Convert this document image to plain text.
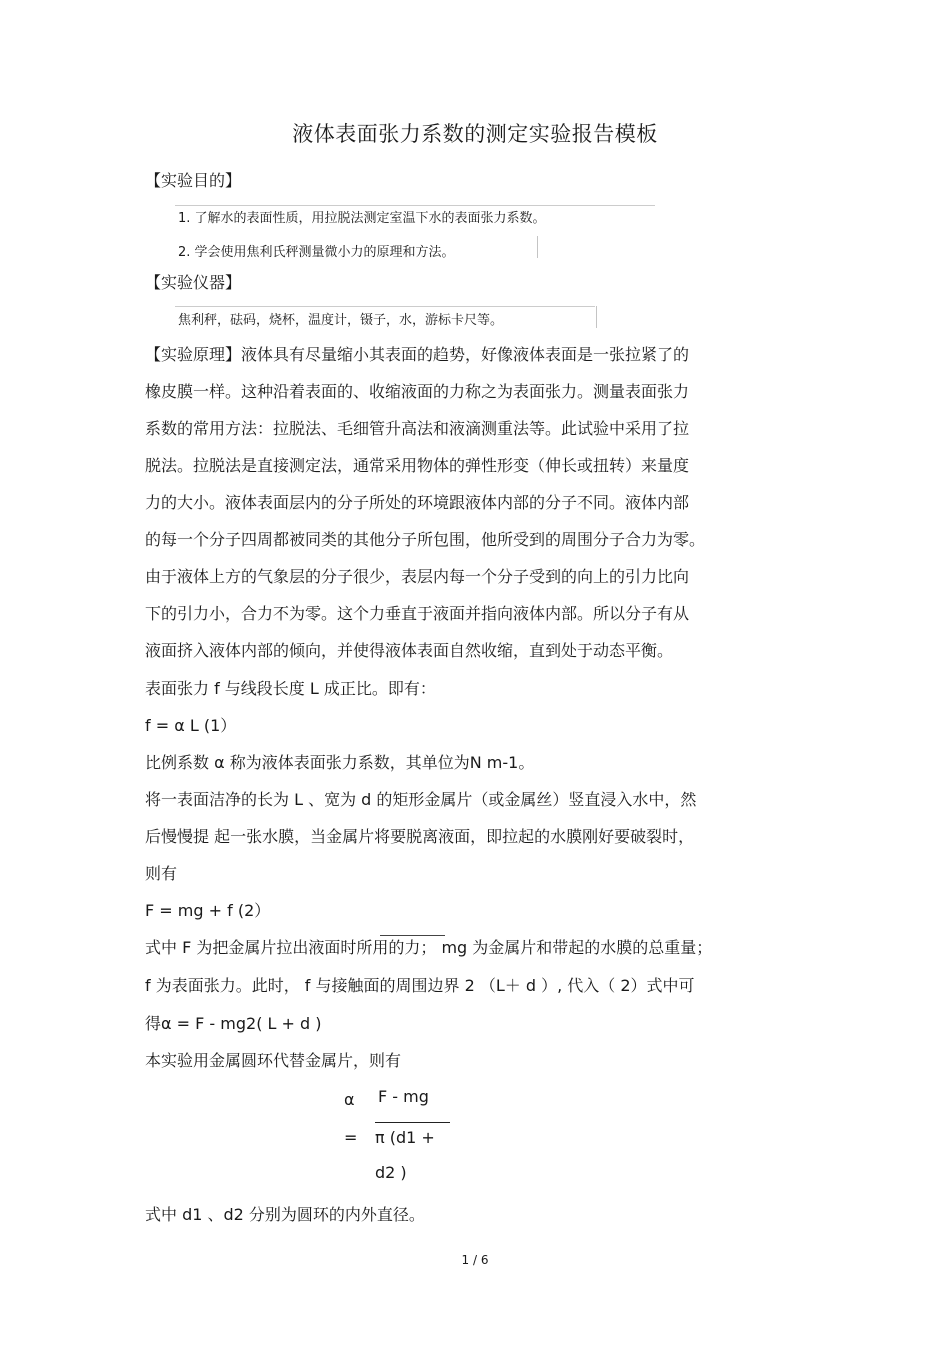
液体表面张力系数的测定实验报告模板
【实验目的】
1. 了解水的表面性质，用拉脱法测定室温下水的表面张力系数。
2. 学会使用焦利氏秤测量微小力的原理和方法。
【实验仪器】
焦利秤，砝码，烧杯，温度计，镊子，水，游标卡尺等。
【实验原理】液体具有尽量缩小其表面的趋势，好像液体表面是一张拉紧了的
橡皮膜一样。这种沿着表面的、收缩液面的力称之为表面张力。测量表面张力
系数的常用方法：拉脱法、毛细管升高法和液滴测重法等。此试验中采用了拉
脱法。拉脱法是直接测定法，通常采用物体的弹性形变（伸长或扭转）来量度
力的大小。液体表面层内的分子所处的环境跟液体内部的分子不同。液体内部
的每一个分子四周都被同类的其他分子所包围，他所受到的周围分子合力为零。
由于液体上方的气象层的分子很少，表层内每一个分子受到的向上的引力比向
下的引力小，合力不为零。这个力垂直于液面并指向液体内部。所以分子有从
液面挤入液体内部的倾向，并使得液体表面自然收缩，直到处于动态平衡。
表面张力 f 与线段长度 L 成正比。即有：
f = α L (1）
比例系数 α 称为液体表面张力系数，其单位为N m-1。
将一表面洁净的长为 L 、宽为 d 的矩形金属片（或金属丝）竖直浸入水中，然
后慢慢提 起一张水膜，当金属片将要脱离液面，即拉起的水膜刚好要破裂时，
则有
F = mg + f (2）
式中 F 为把金属片拉出液面时所用的力； mg 为金属片和带起的水膜的总重量；
f 为表面张力。此时， f 与接触面的周围边界 2 （L＋ d ）, 代入（ 2）式中可
得α = F - mg2( L + d )
本实验用金属圆环代替金属片，则有
α F - mg
= π (d1 +
d2 )
式中 d1 、d2 分别为圆环的内外直径。
1 / 6
